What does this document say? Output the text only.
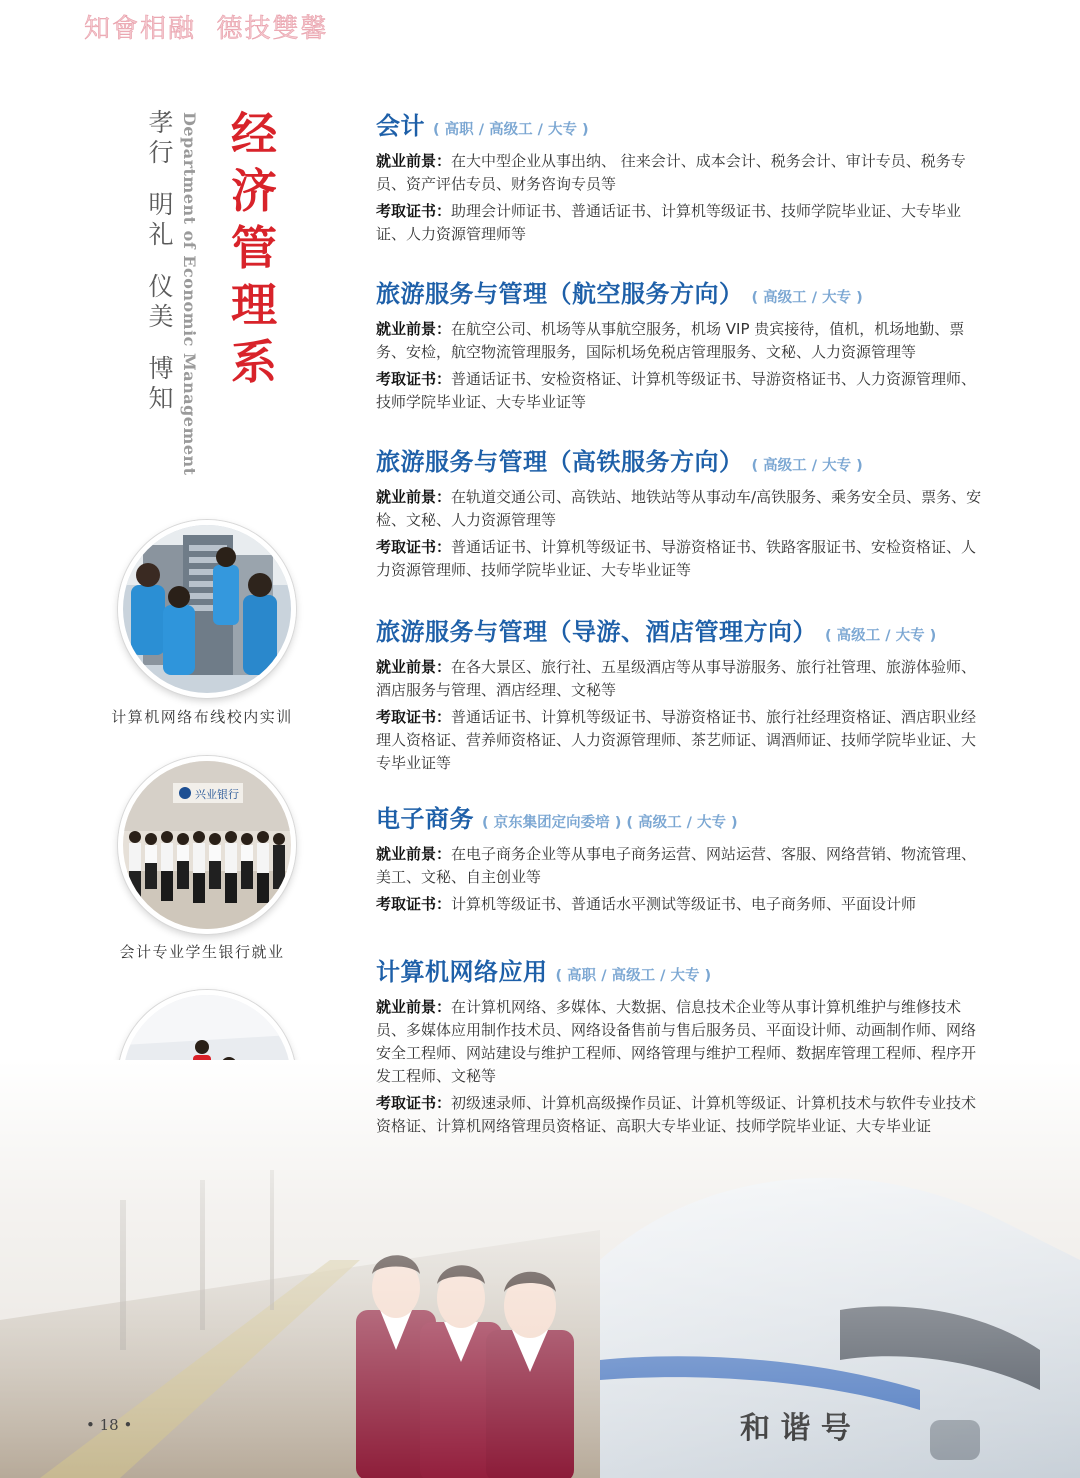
知會相融  德技雙馨
孝行
明礼
仪美
博知 Department of Economic Management 经济管理系
计算机网络布线校内实训
兴业银行
会计专业学生银行就业
会计 ( 高职 / 高级工 / 大专 )
就业前景：在大中型企业从事出纳、 往来会计、成本会计、税务会计、审计专员、税务专员、资产评估专员、财务咨询专员等
考取证书：助理会计师证书、普通话证书、计算机等级证书、技师学院毕业证、大专毕业证、人力资源管理师等
旅游服务与管理（航空服务方向） ( 高级工 / 大专 )
就业前景：在航空公司、机场等从事航空服务，机场 VIP 贵宾接待，值机，机场地勤、票务、安检，航空物流管理服务，国际机场免税店管理服务、文秘、人力资源管理等
考取证书：普通话证书、安检资格证、计算机等级证书、导游资格证书、人力资源管理师、技师学院毕业证、大专毕业证等
旅游服务与管理（高铁服务方向） ( 高级工 / 大专 )
就业前景：在轨道交通公司、高铁站、地铁站等从事动车/高铁服务、乘务安全员、票务、安检、文秘、人力资源管理等
考取证书：普通话证书、计算机等级证书、导游资格证书、铁路客服证书、安检资格证、人力资源管理师、技师学院毕业证、大专毕业证等
旅游服务与管理（导游、酒店管理方向） ( 高级工 / 大专 )
就业前景：在各大景区、旅行社、五星级酒店等从事导游服务、旅行社管理、旅游体验师、酒店服务与管理、酒店经理、文秘等
考取证书：普通话证书、计算机等级证书、导游资格证书、旅行社经理资格证、酒店职业经理人资格证、营养师资格证、人力资源管理师、茶艺师证、调酒师证、技师学院毕业证、大专毕业证等
电子商务 ( 京东集团定向委培 ) ( 高级工 / 大专 )
就业前景：在电子商务企业等从事电子商务运营、网站运营、客服、网络营销、物流管理、美工、文秘、自主创业等
考取证书：计算机等级证书、普通话水平测试等级证书、电子商务师、平面设计师
计算机网络应用 ( 高职 / 高级工 / 大专 )
就业前景：在计算机网络、多媒体、大数据、信息技术企业等从事计算机维护与维修技术员、多媒体应用制作技术员、网络设备售前与售后服务员、平面设计师、动画制作师、网络安全工程师、网站建设与维护工程师、网络管理与维护工程师、数据库管理工程师、程序开发工程师、文秘等
考取证书：初级速录师、计算机高级操作员证、计算机等级证、计算机技术与软件专业技术资格证、计算机网络管理员资格证、高职大专毕业证、技师学院毕业证、大专毕业证
• 18 •
